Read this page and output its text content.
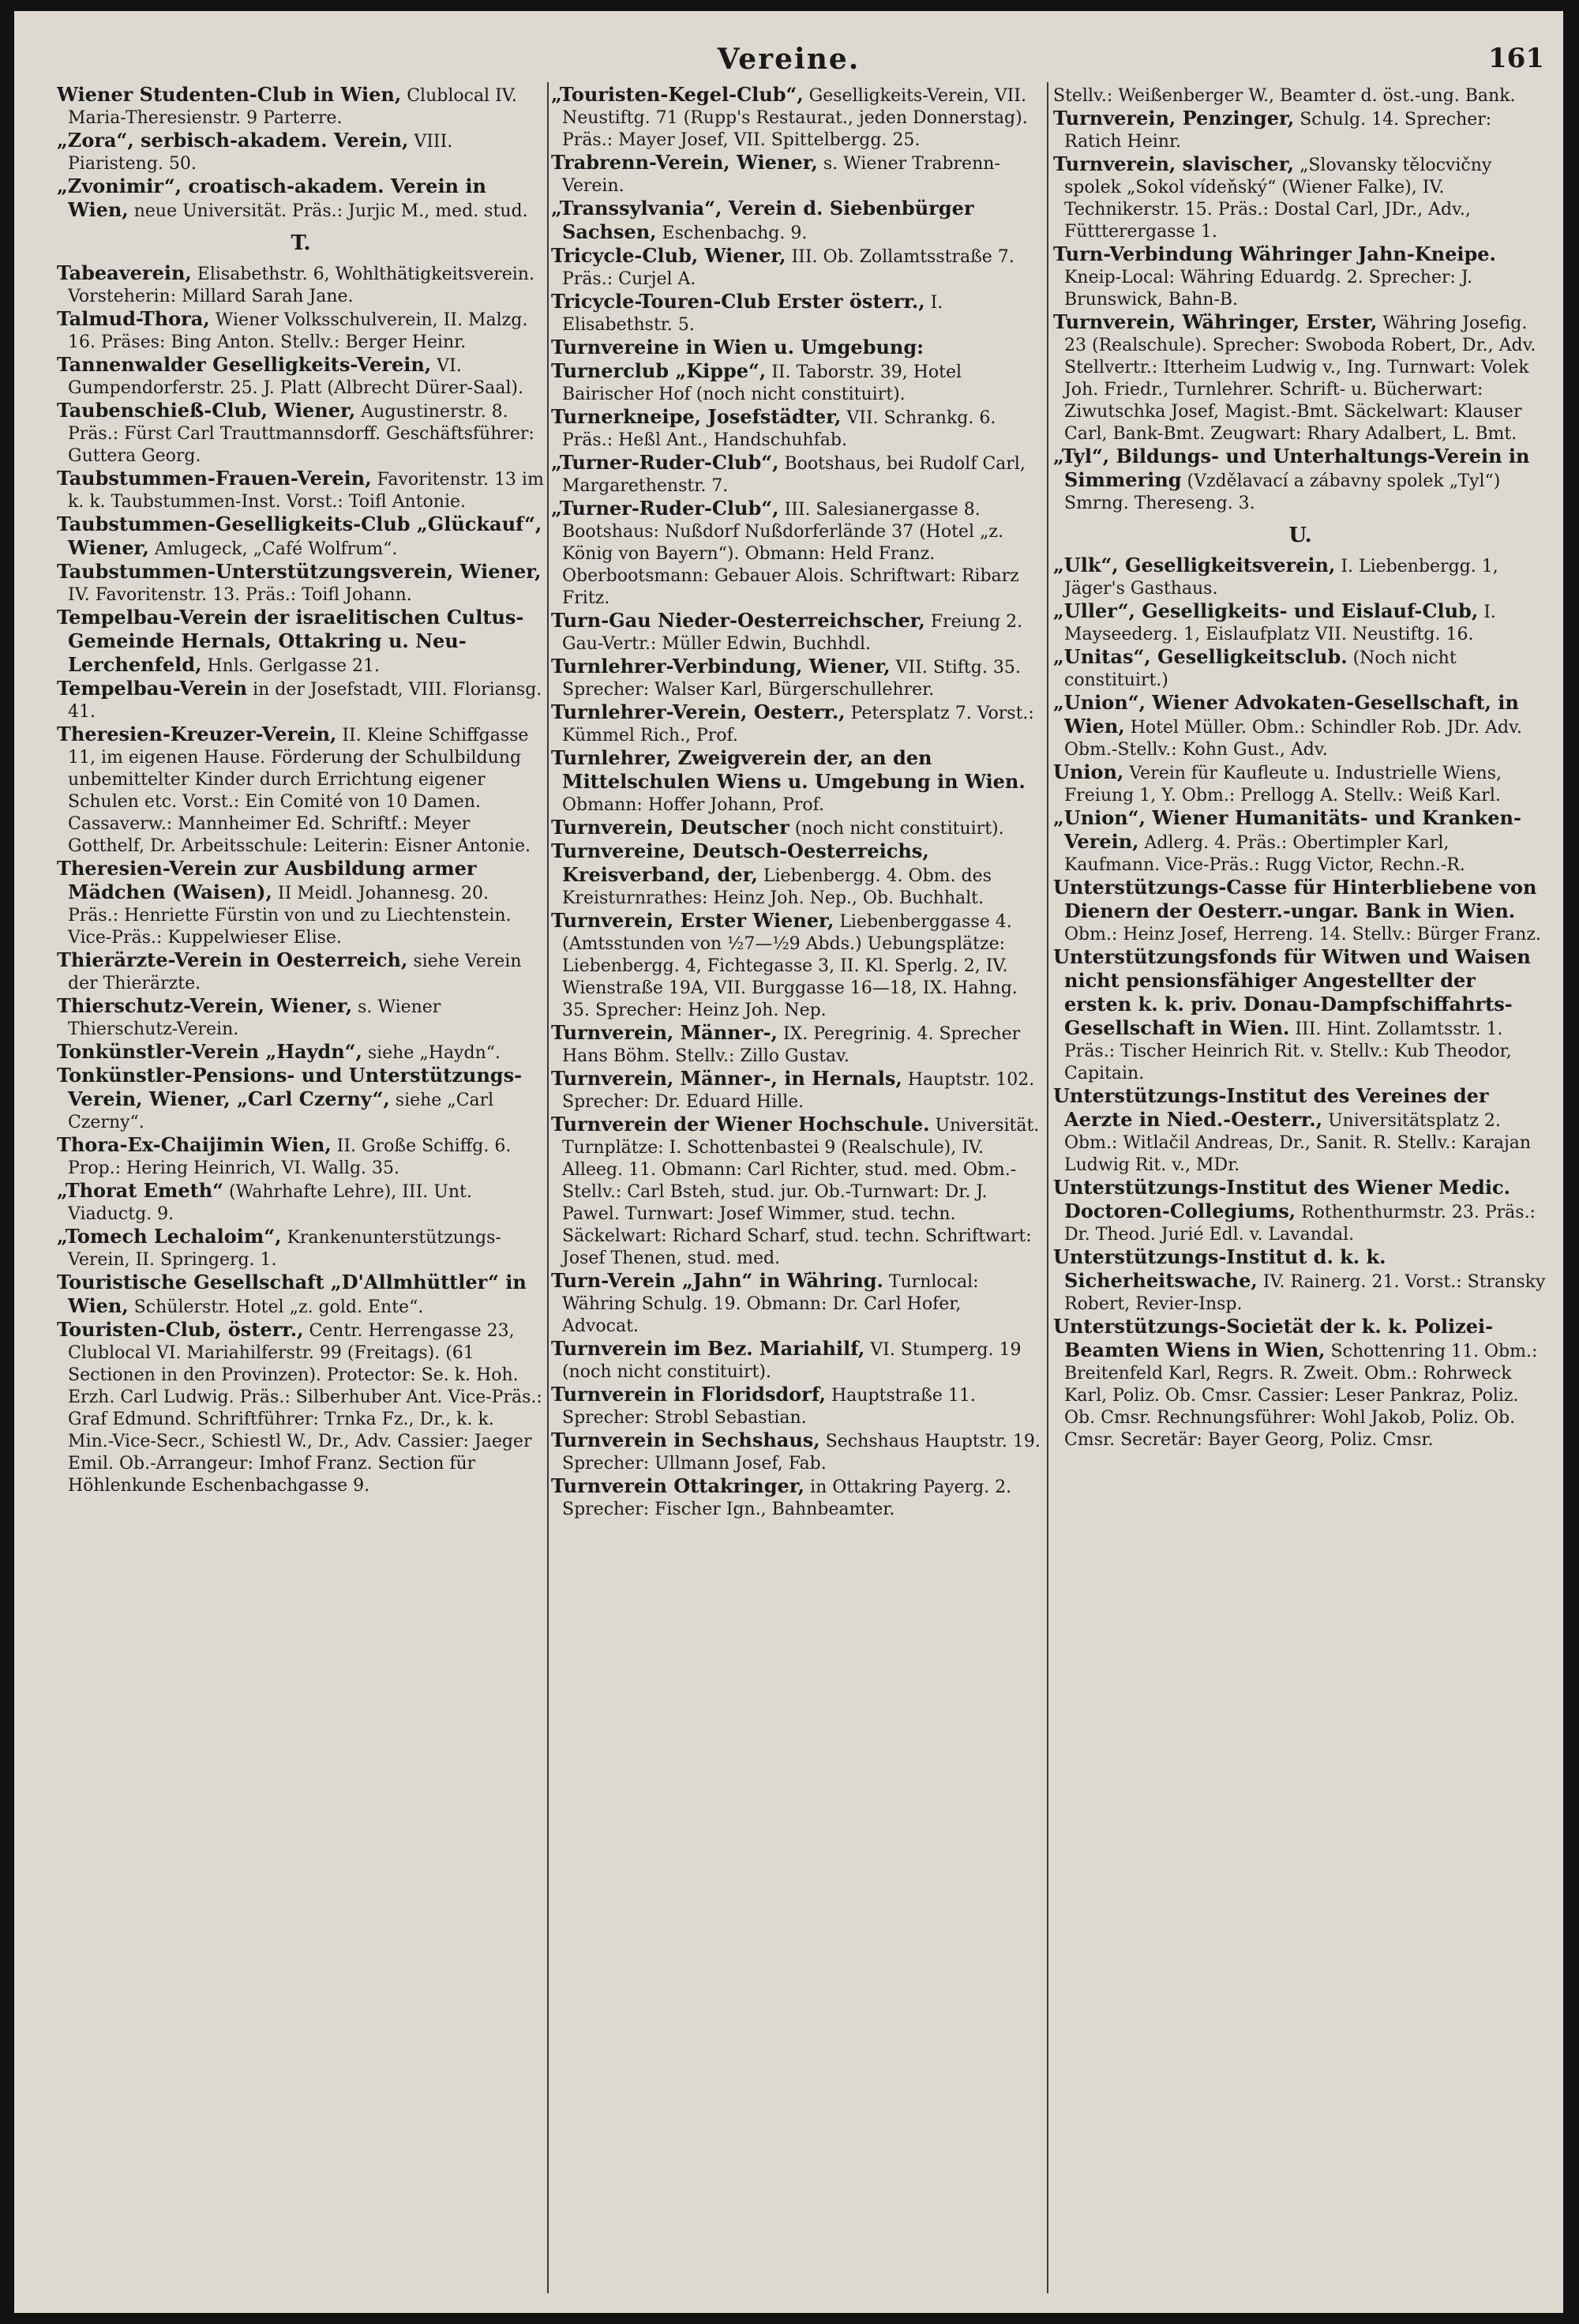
Vereine.	161
Wiener Studenten-Club in Wien, Clublocal IV. Maria-Theresienstr. 9 Parterre.
„Zora“, serbisch-akadem. Verein, VIII. Piaristeng. 50.
„Zvonimir“, croatisch-akadem. Verein in Wien, neue Universität. Präs.: Jurjic M., med. stud.
T.
Tabeaverein, Elisabethstr. 6, Wohlthätigkeitsverein. Vorsteherin: Millard Sarah Jane.
Talmud-Thora, Wiener Volksschulverein, II. Malzg. 16. Präses: Bing Anton. Stellv.: Berger Heinr.
Tannenwalder Geselligkeits-Verein, VI. Gumpendorferstr. 25. J. Platt (Albrecht Dürer-Saal).
Taubenschieß-Club, Wiener, Augustinerstr. 8. Präs.: Fürst Carl Trauttmannsdorff. Geschäftsführer: Guttera Georg.
Taubstummen-Frauen-Verein, Favoritenstr. 13 im k. k. Taubstummen-Inst. Vorst.: Toifl Antonie.
Taubstummen-Geselligkeits-Club „Glückauf“, Wiener, Amlugeck, „Café Wolfrum“.
Taubstummen-Unterstützungsverein, Wiener, IV. Favoritenstr. 13. Präs.: Toifl Johann.
Tempelbau-Verein der israelitischen Cultus-Gemeinde Hernals, Ottakring u. Neu-Lerchenfeld, Hnls. Gerlgasse 21.
Tempelbau-Verein in der Josefstadt, VIII. Floriansg. 41.
Theresien-Kreuzer-Verein, II. Kleine Schiffgasse 11, im eigenen Hause. Förderung der Schulbildung unbemittelter Kinder durch Errichtung eigener Schulen etc. Vorst.: Ein Comité von 10 Damen. Cassaverw.: Mannheimer Ed. Schriftf.: Meyer Gotthelf, Dr. Arbeitsschule: Leiterin: Eisner Antonie.
Theresien-Verein zur Ausbildung armer Mädchen (Waisen), II Meidl. Johannesg. 20. Präs.: Henriette Fürstin von und zu Liechtenstein. Vice-Präs.: Kuppelwieser Elise.
Thierärzte-Verein in Oesterreich, siehe Verein der Thierärzte.
Thierschutz-Verein, Wiener, s. Wiener Thierschutz-Verein.
Tonkünstler-Verein „Haydn“, siehe „Haydn“.
Tonkünstler-Pensions- und Unterstützungs-Verein, Wiener, „Carl Czerny“, siehe „Carl Czerny“.
Thora-Ex-Chaijimin Wien, II. Große Schiffg. 6. Prop.: Hering Heinrich, VI. Wallg. 35.
„Thorat Emeth“ (Wahrhafte Lehre), III. Unt. Viaductg. 9.
„Tomech Lechaloim“, Krankenunterstützungs-Verein, II. Springerg. 1.
Touristische Gesellschaft „D'Allmhüttler“ in Wien, Schülerstr. Hotel „z. gold. Ente“.
Touristen-Club, österr., Centr. Herrengasse 23, Clublocal VI. Mariahilferstr. 99 (Freitags). (61 Sectionen in den Provinzen). Protector: Se. k. Hoh. Erzh. Carl Ludwig. Präs.: Silberhuber Ant. Vice-Präs.: Graf Edmund. Schriftführer: Trnka Fz., Dr., k. k. Min.-Vice-Secr., Schiestl W., Dr., Adv. Cassier: Jaeger Emil. Ob.-Arrangeur: Imhof Franz. Section für Höhlenkunde Eschenbachgasse 9.
„Touristen-Kegel-Club“, Geselligkeits-Verein, VII. Neustiftg. 71 (Rupp's Restaurat., jeden Donnerstag). Präs.: Mayer Josef, VII. Spittelbergg. 25.
Trabrenn-Verein, Wiener, s. Wiener Trabrenn-Verein.
„Transsylvania“, Verein d. Siebenbürger Sachsen, Eschenbachg. 9.
Tricycle-Club, Wiener, III. Ob. Zollamtsstraße 7. Präs.: Curjel A.
Tricycle-Touren-Club Erster österr., I. Elisabethstr. 5.
Turnvereine in Wien u. Umgebung:
Turnerclub „Kippe“, II. Taborstr. 39, Hotel Bairischer Hof (noch nicht constituirt).
Turnerkneipe, Josefstädter, VII. Schrankg. 6. Präs.: Heßl Ant., Handschuhfab.
„Turner-Ruder-Club“, Bootshaus, bei Rudolf Carl, Margarethenstr. 7.
„Turner-Ruder-Club“, III. Salesianergasse 8. Bootshaus: Nußdorf Nußdorferlände 37 (Hotel „z. König von Bayern“). Obmann: Held Franz. Oberbootsmann: Gebauer Alois. Schriftwart: Ribarz Fritz.
Turn-Gau Nieder-Oesterreichscher, Freiung 2. Gau-Vertr.: Müller Edwin, Buchhdl.
Turnlehrer-Verbindung, Wiener, VII. Stiftg. 35. Sprecher: Walser Karl, Bürgerschullehrer.
Turnlehrer-Verein, Oesterr., Petersplatz 7. Vorst.: Kümmel Rich., Prof.
Turnlehrer, Zweigverein der, an den Mittelschulen Wiens u. Umgebung in Wien. Obmann: Hoffer Johann, Prof.
Turnverein, Deutscher (noch nicht constituirt).
Turnvereine, Deutsch-Oesterreichs, Kreisverband, der, Liebenbergg. 4. Obm. des Kreisturnrathes: Heinz Joh. Nep., Ob. Buchhalt.
Turnverein, Erster Wiener, Liebenberggasse 4. (Amtsstunden von ½7—½9 Abds.) Uebungsplätze: Liebenbergg. 4, Fichtegasse 3, II. Kl. Sperlg. 2, IV. Wienstraße 19A, VII. Burggasse 16—18, IX. Hahng. 35. Sprecher: Heinz Joh. Nep.
Turnverein, Männer-, IX. Peregrinig. 4. Sprecher Hans Böhm. Stellv.: Zillo Gustav.
Turnverein, Männer-, in Hernals, Hauptstr. 102. Sprecher: Dr. Eduard Hille.
Turnverein der Wiener Hochschule. Universität. Turnplätze: I. Schottenbastei 9 (Realschule), IV. Alleeg. 11. Obmann: Carl Richter, stud. med. Obm.-Stellv.: Carl Bsteh, stud. jur. Ob.-Turnwart: Dr. J. Pawel. Turnwart: Josef Wimmer, stud. techn. Säckelwart: Richard Scharf, stud. techn. Schriftwart: Josef Thenen, stud. med.
Turn-Verein „Jahn“ in Währing. Turnlocal: Währing Schulg. 19. Obmann: Dr. Carl Hofer, Advocat.
Turnverein im Bez. Mariahilf, VI. Stumperg. 19 (noch nicht constituirt).
Turnverein in Floridsdorf, Hauptstraße 11. Sprecher: Strobl Sebastian.
Turnverein in Sechshaus, Sechshaus Hauptstr. 19. Sprecher: Ullmann Josef, Fab.
Turnverein Ottakringer, in Ottakring Payerg. 2. Sprecher: Fischer Ign., Bahnbeamter.
Stellv.: Weißenberger W., Beamter d. öst.-ung. Bank.
Turnverein, Penzinger, Schulg. 14. Sprecher: Ratich Heinr.
Turnverein, slavischer, „Slovansky tělocvičny spolek „Sokol vídeňský“ (Wiener Falke), IV. Technikerstr. 15. Präs.: Dostal Carl, JDr., Adv., Füttterergasse 1.
Turn-Verbindung Währinger Jahn-Kneipe. Kneip-Local: Währing Eduardg. 2. Sprecher: J. Brunswick, Bahn-B.
Turnverein, Währinger, Erster, Währing Josefig. 23 (Realschule). Sprecher: Swoboda Robert, Dr., Adv. Stellvertr.: Itterheim Ludwig v., Ing. Turnwart: Volek Joh. Friedr., Turnlehrer. Schrift- u. Bücherwart: Ziwutschka Josef, Magist.-Bmt. Säckelwart: Klauser Carl, Bank-Bmt. Zeugwart: Rhary Adalbert, L. Bmt.
„Tyl“, Bildungs- und Unterhaltungs-Verein in Simmering (Vzdělavací a zábavny spolek „Tyl“) Smrng. Thereseng. 3.
U.
„Ulk“, Geselligkeitsverein, I. Liebenbergg. 1, Jäger's Gasthaus.
„Uller“, Geselligkeits- und Eislauf-Club, I. Mayseederg. 1, Eislaufplatz VII. Neustiftg. 16.
„Unitas“, Geselligkeitsclub. (Noch nicht constituirt.)
„Union“, Wiener Advokaten-Gesellschaft, in Wien, Hotel Müller. Obm.: Schindler Rob. JDr. Adv. Obm.-Stellv.: Kohn Gust., Adv.
Union, Verein für Kaufleute u. Industrielle Wiens, Freiung 1, Y. Obm.: Prellogg A. Stellv.: Weiß Karl.
„Union“, Wiener Humanitäts- und Kranken-Verein, Adlerg. 4. Präs.: Obertimpler Karl, Kaufmann. Vice-Präs.: Rugg Victor, Rechn.-R.
Unterstützungs-Casse für Hinterbliebene von Dienern der Oesterr.-ungar. Bank in Wien. Obm.: Heinz Josef, Herreng. 14. Stellv.: Bürger Franz.
Unterstützungsfonds für Witwen und Waisen nicht pensionsfähiger Angestellter der ersten k. k. priv. Donau-Dampfschiffahrts-Gesellschaft in Wien. III. Hint. Zollamtsstr. 1. Präs.: Tischer Heinrich Rit. v. Stellv.: Kub Theodor, Capitain.
Unterstützungs-Institut des Vereines der Aerzte in Nied.-Oesterr., Universitätsplatz 2. Obm.: Witlačil Andreas, Dr., Sanit. R. Stellv.: Karajan Ludwig Rit. v., MDr.
Unterstützungs-Institut des Wiener Medic. Doctoren-Collegiums, Rothenthurmstr. 23. Präs.: Dr. Theod. Jurié Edl. v. Lavandal.
Unterstützungs-Institut d. k. k. Sicherheitswache, IV. Rainerg. 21. Vorst.: Stransky Robert, Revier-Insp.
Unterstützungs-Societät der k. k. Polizei-Beamten Wiens in Wien, Schottenring 11. Obm.: Breitenfeld Karl, Regrs. R. Zweit. Obm.: Rohrweck Karl, Poliz. Ob. Cmsr. Cassier: Leser Pankraz, Poliz. Ob. Cmsr. Rechnungsführer: Wohl Jakob, Poliz. Ob. Cmsr. Secretär: Bayer Georg, Poliz. Cmsr.
